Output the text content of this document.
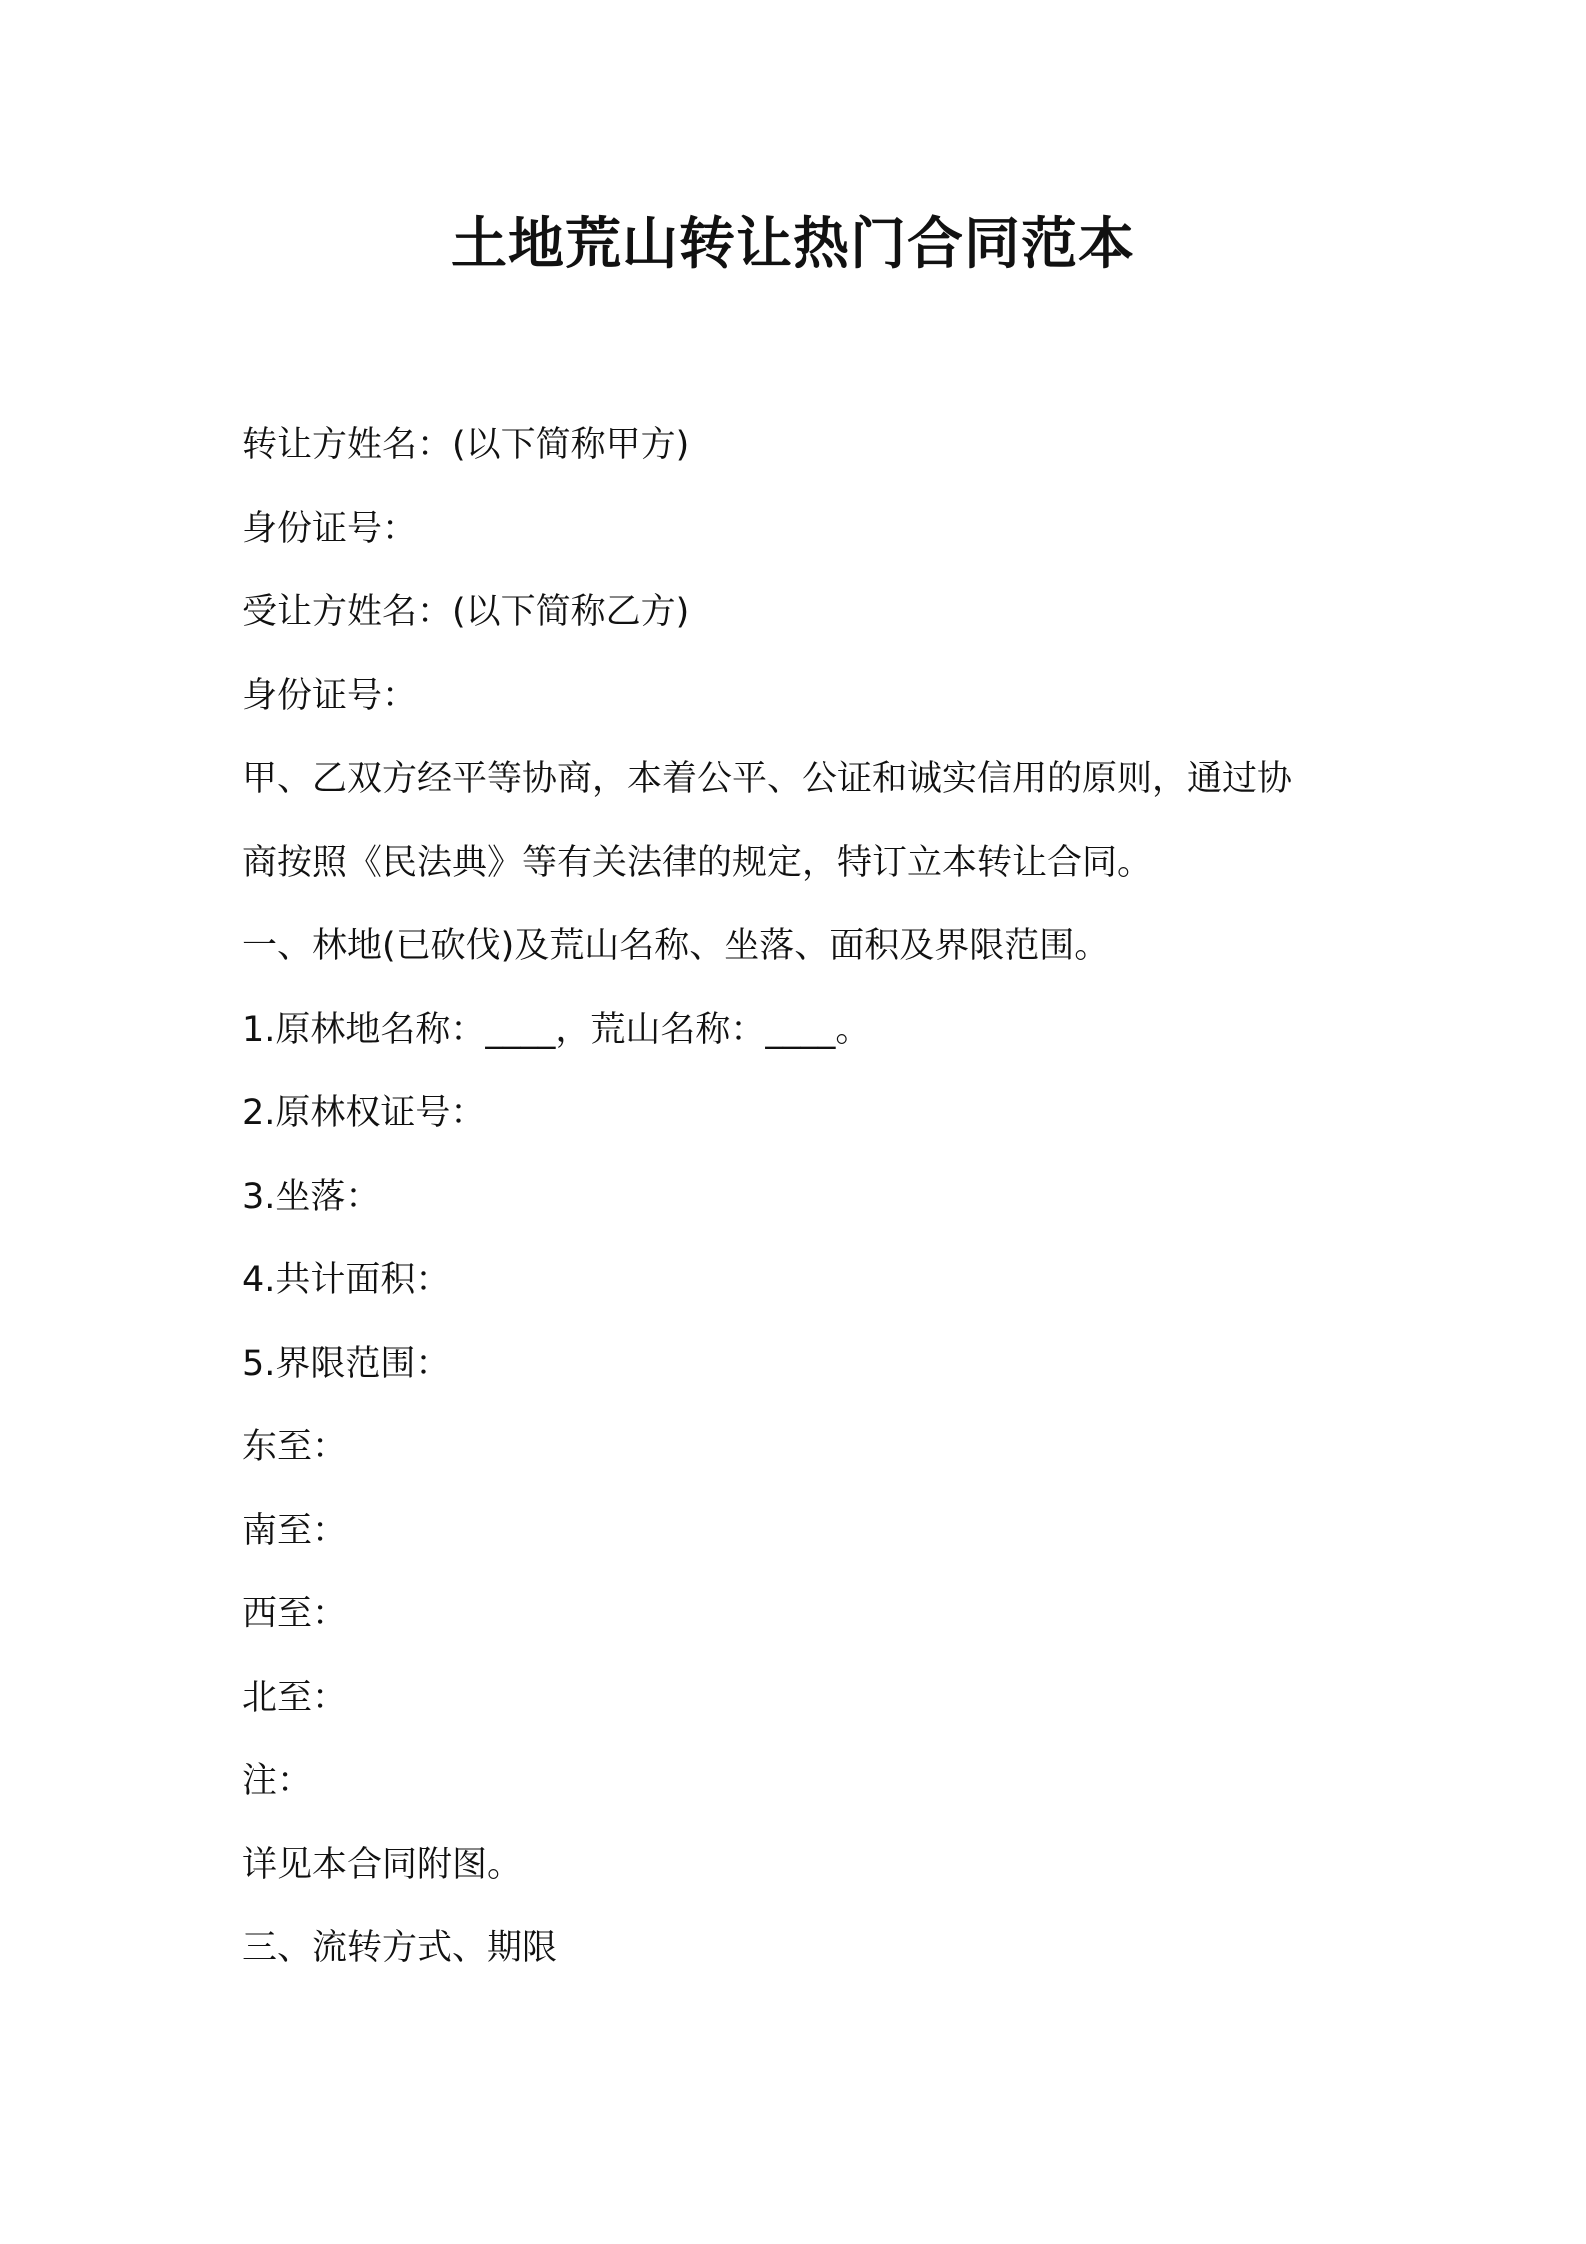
土地荒山转让热门合同范本

转让方姓名：(以下简称甲方)

身份证号：

受让方姓名：(以下简称乙方)

身份证号：

甲、乙双方经平等协商，本着公平、公证和诚实信用的原则，通过协

商按照《民法典》等有关法律的规定，特订立本转让合同。

一、林地(已砍伐)及荒山名称、坐落、面积及界限范围。

1.原林地名称：____，荒山名称：____。

2.原林权证号：

3.坐落：

4.共计面积：

5.界限范围：

东至：

南至：

西至：

北至：

注：

详见本合同附图。

三、流转方式、期限
